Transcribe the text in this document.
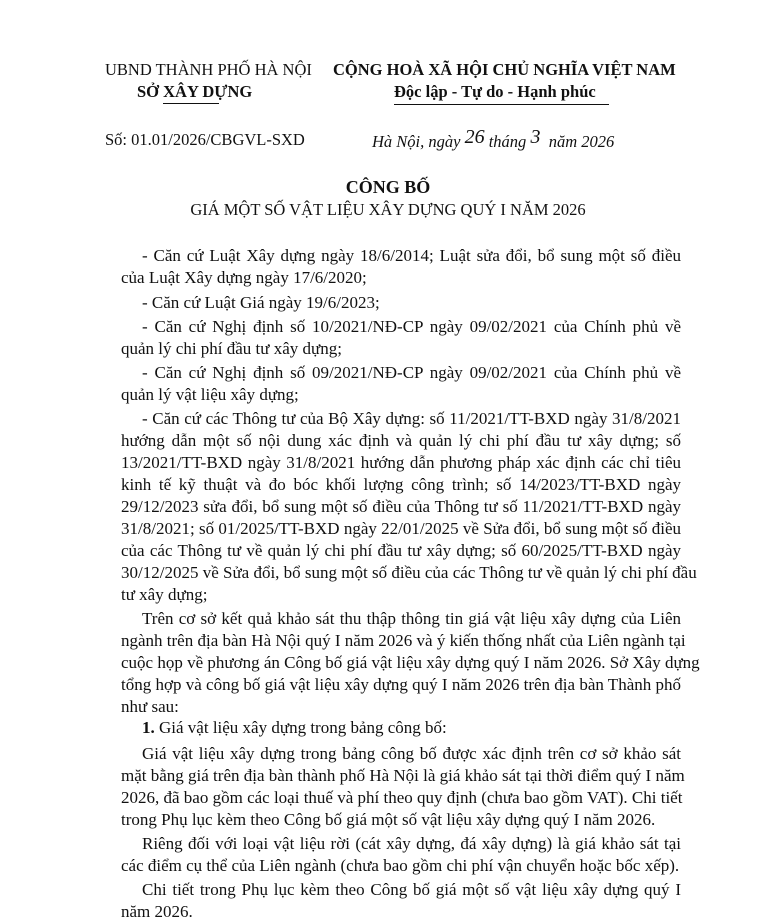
UBND THÀNH PHỐ HÀ NỘI
SỞ XÂY DỰNG
CỘNG HOÀ XÃ HỘI CHỦ NGHĨA VIỆT NAM
Độc lập - Tự do - Hạnh phúc
Số: 01.01/2026/CBGVL-SXD	Hà Nội, ngày 26 tháng 3 năm 2026
CÔNG BỐ
GIÁ MỘT SỐ VẬT LIỆU XÂY DỰNG QUÝ I NĂM 2026
- Căn cứ Luật Xây dựng ngày 18/6/2014; Luật sửa đổi, bổ sung một số điều
của Luật Xây dựng ngày 17/6/2020;
- Căn cứ Luật Giá ngày 19/6/2023;
- Căn cứ Nghị định số 10/2021/NĐ-CP ngày 09/02/2021 của Chính phủ về
quản lý chi phí đầu tư xây dựng;
- Căn cứ Nghị định số 09/2021/NĐ-CP ngày 09/02/2021 của Chính phủ về
quản lý vật liệu xây dựng;
- Căn cứ các Thông tư của Bộ Xây dựng: số 11/2021/TT-BXD ngày 31/8/2021
hướng dẫn một số nội dung xác định và quản lý chi phí đầu tư xây dựng; số
13/2021/TT-BXD ngày 31/8/2021 hướng dẫn phương pháp xác định các chỉ tiêu
kinh tế kỹ thuật và đo bóc khối lượng công trình; số 14/2023/TT-BXD ngày
29/12/2023 sửa đổi, bổ sung một số điều của Thông tư số 11/2021/TT-BXD ngày
31/8/2021; số 01/2025/TT-BXD ngày 22/01/2025 về Sửa đổi, bổ sung một số điều
của các Thông tư về quản lý chi phí đầu tư xây dựng; số 60/2025/TT-BXD ngày
30/12/2025 về Sửa đổi, bổ sung một số điều của các Thông tư về quản lý chi phí đầu
tư xây dựng;
Trên cơ sở kết quả khảo sát thu thập thông tin giá vật liệu xây dựng của Liên
ngành trên địa bàn Hà Nội quý I năm 2026 và ý kiến thống nhất của Liên ngành tại
cuộc họp về phương án Công bố giá vật liệu xây dựng quý I năm 2026. Sở Xây dựng
tổng hợp và công bố giá vật liệu xây dựng quý I năm 2026 trên địa bàn Thành phố
như sau:
1. Giá vật liệu xây dựng trong bảng công bố:
Giá vật liệu xây dựng trong bảng công bố được xác định trên cơ sở khảo sát
mặt bằng giá trên địa bàn thành phố Hà Nội là giá khảo sát tại thời điểm quý I năm
2026, đã bao gồm các loại thuế và phí theo quy định (chưa bao gồm VAT). Chi tiết
trong Phụ lục kèm theo Công bố giá một số vật liệu xây dựng quý I năm 2026.
Riêng đối với loại vật liệu rời (cát xây dựng, đá xây dựng) là giá khảo sát tại
các điểm cụ thể của Liên ngành (chưa bao gồm chi phí vận chuyển hoặc bốc xếp).
Chi tiết trong Phụ lục kèm theo Công bố giá một số vật liệu xây dựng quý I
năm 2026.
